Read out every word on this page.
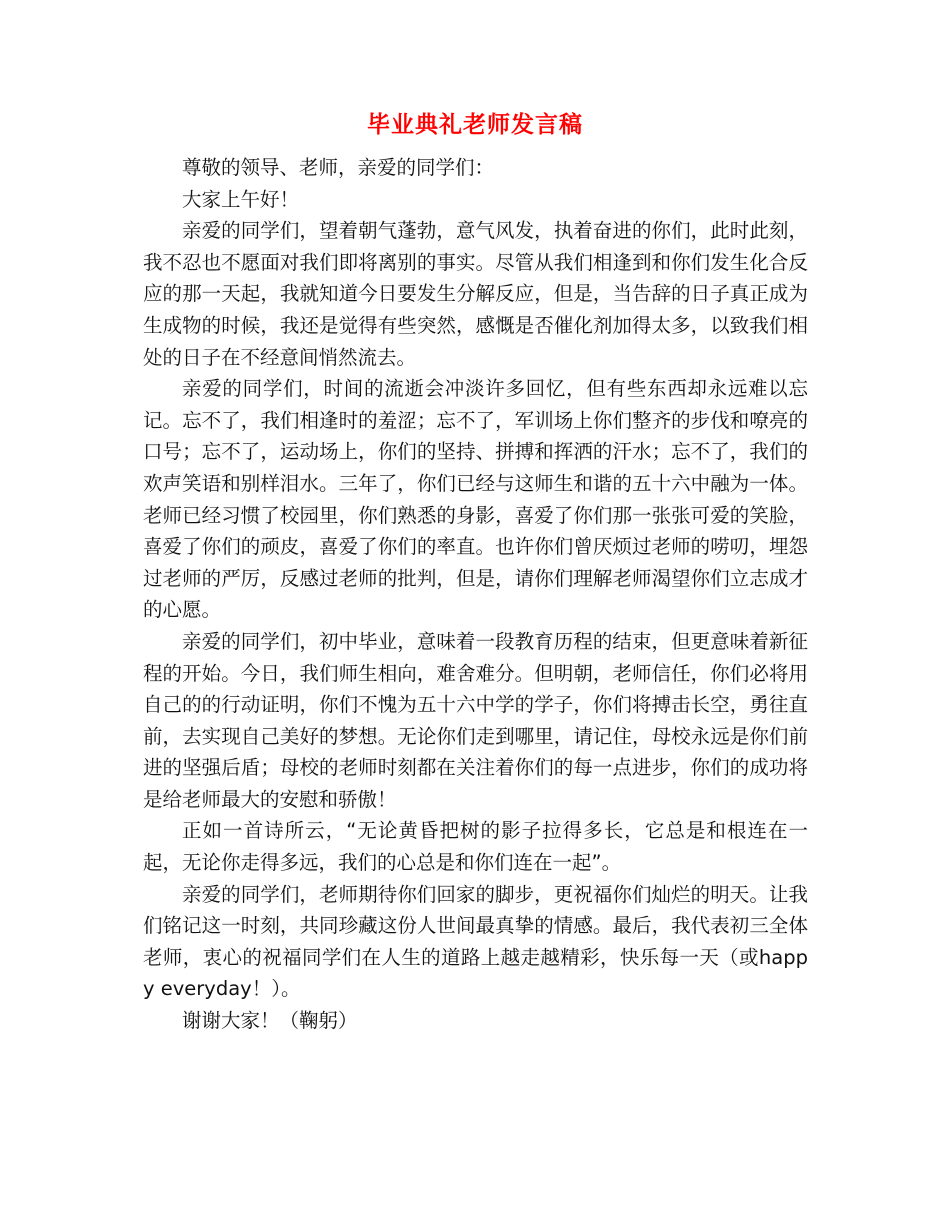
毕业典礼老师发言稿

尊敬的领导、老师，亲爱的同学们：

大家上午好！

亲爱的同学们，望着朝气蓬勃，意气风发，执着奋进的你们，此时此刻，我不忍也不愿面对我们即将离别的事实。尽管从我们相逢到和你们发生化合反应的那一天起，我就知道今日要发生分解反应，但是，当告辞的日子真正成为生成物的时候，我还是觉得有些突然，感慨是否催化剂加得太多，以致我们相处的日子在不经意间悄然流去。

亲爱的同学们，时间的流逝会冲淡许多回忆，但有些东西却永远难以忘记。忘不了，我们相逢时的羞涩；忘不了，军训场上你们整齐的步伐和嘹亮的口号；忘不了，运动场上，你们的坚持、拼搏和挥洒的汗水；忘不了，我们的欢声笑语和别样泪水。三年了，你们已经与这师生和谐的五十六中融为一体。老师已经习惯了校园里，你们熟悉的身影，喜爱了你们那一张张可爱的笑脸，喜爱了你们的顽皮，喜爱了你们的率直。也许你们曾厌烦过老师的唠叨，埋怨过老师的严厉，反感过老师的批判，但是，请你们理解老师渴望你们立志成才的心愿。

亲爱的同学们，初中毕业，意味着一段教育历程的结束，但更意味着新征程的开始。今日，我们师生相向，难舍难分。但明朝，老师信任，你们必将用自己的的行动证明，你们不愧为五十六中学的学子，你们将搏击长空，勇往直前，去实现自己美好的梦想。无论你们走到哪里，请记住，母校永远是你们前进的坚强后盾；母校的老师时刻都在关注着你们的每一点进步，你们的成功将是给老师最大的安慰和骄傲！

正如一首诗所云，“无论黄昏把树的影子拉得多长，它总是和根连在一起，无论你走得多远，我们的心总是和你们连在一起”。

亲爱的同学们，老师期待你们回家的脚步，更祝福你们灿烂的明天。让我们铭记这一时刻，共同珍藏这份人世间最真挚的情感。最后，我代表初三全体老师，衷心的祝福同学们在人生的道路上越走越精彩，快乐每一天（或happy everyday！）。

谢谢大家！（鞠躬）
